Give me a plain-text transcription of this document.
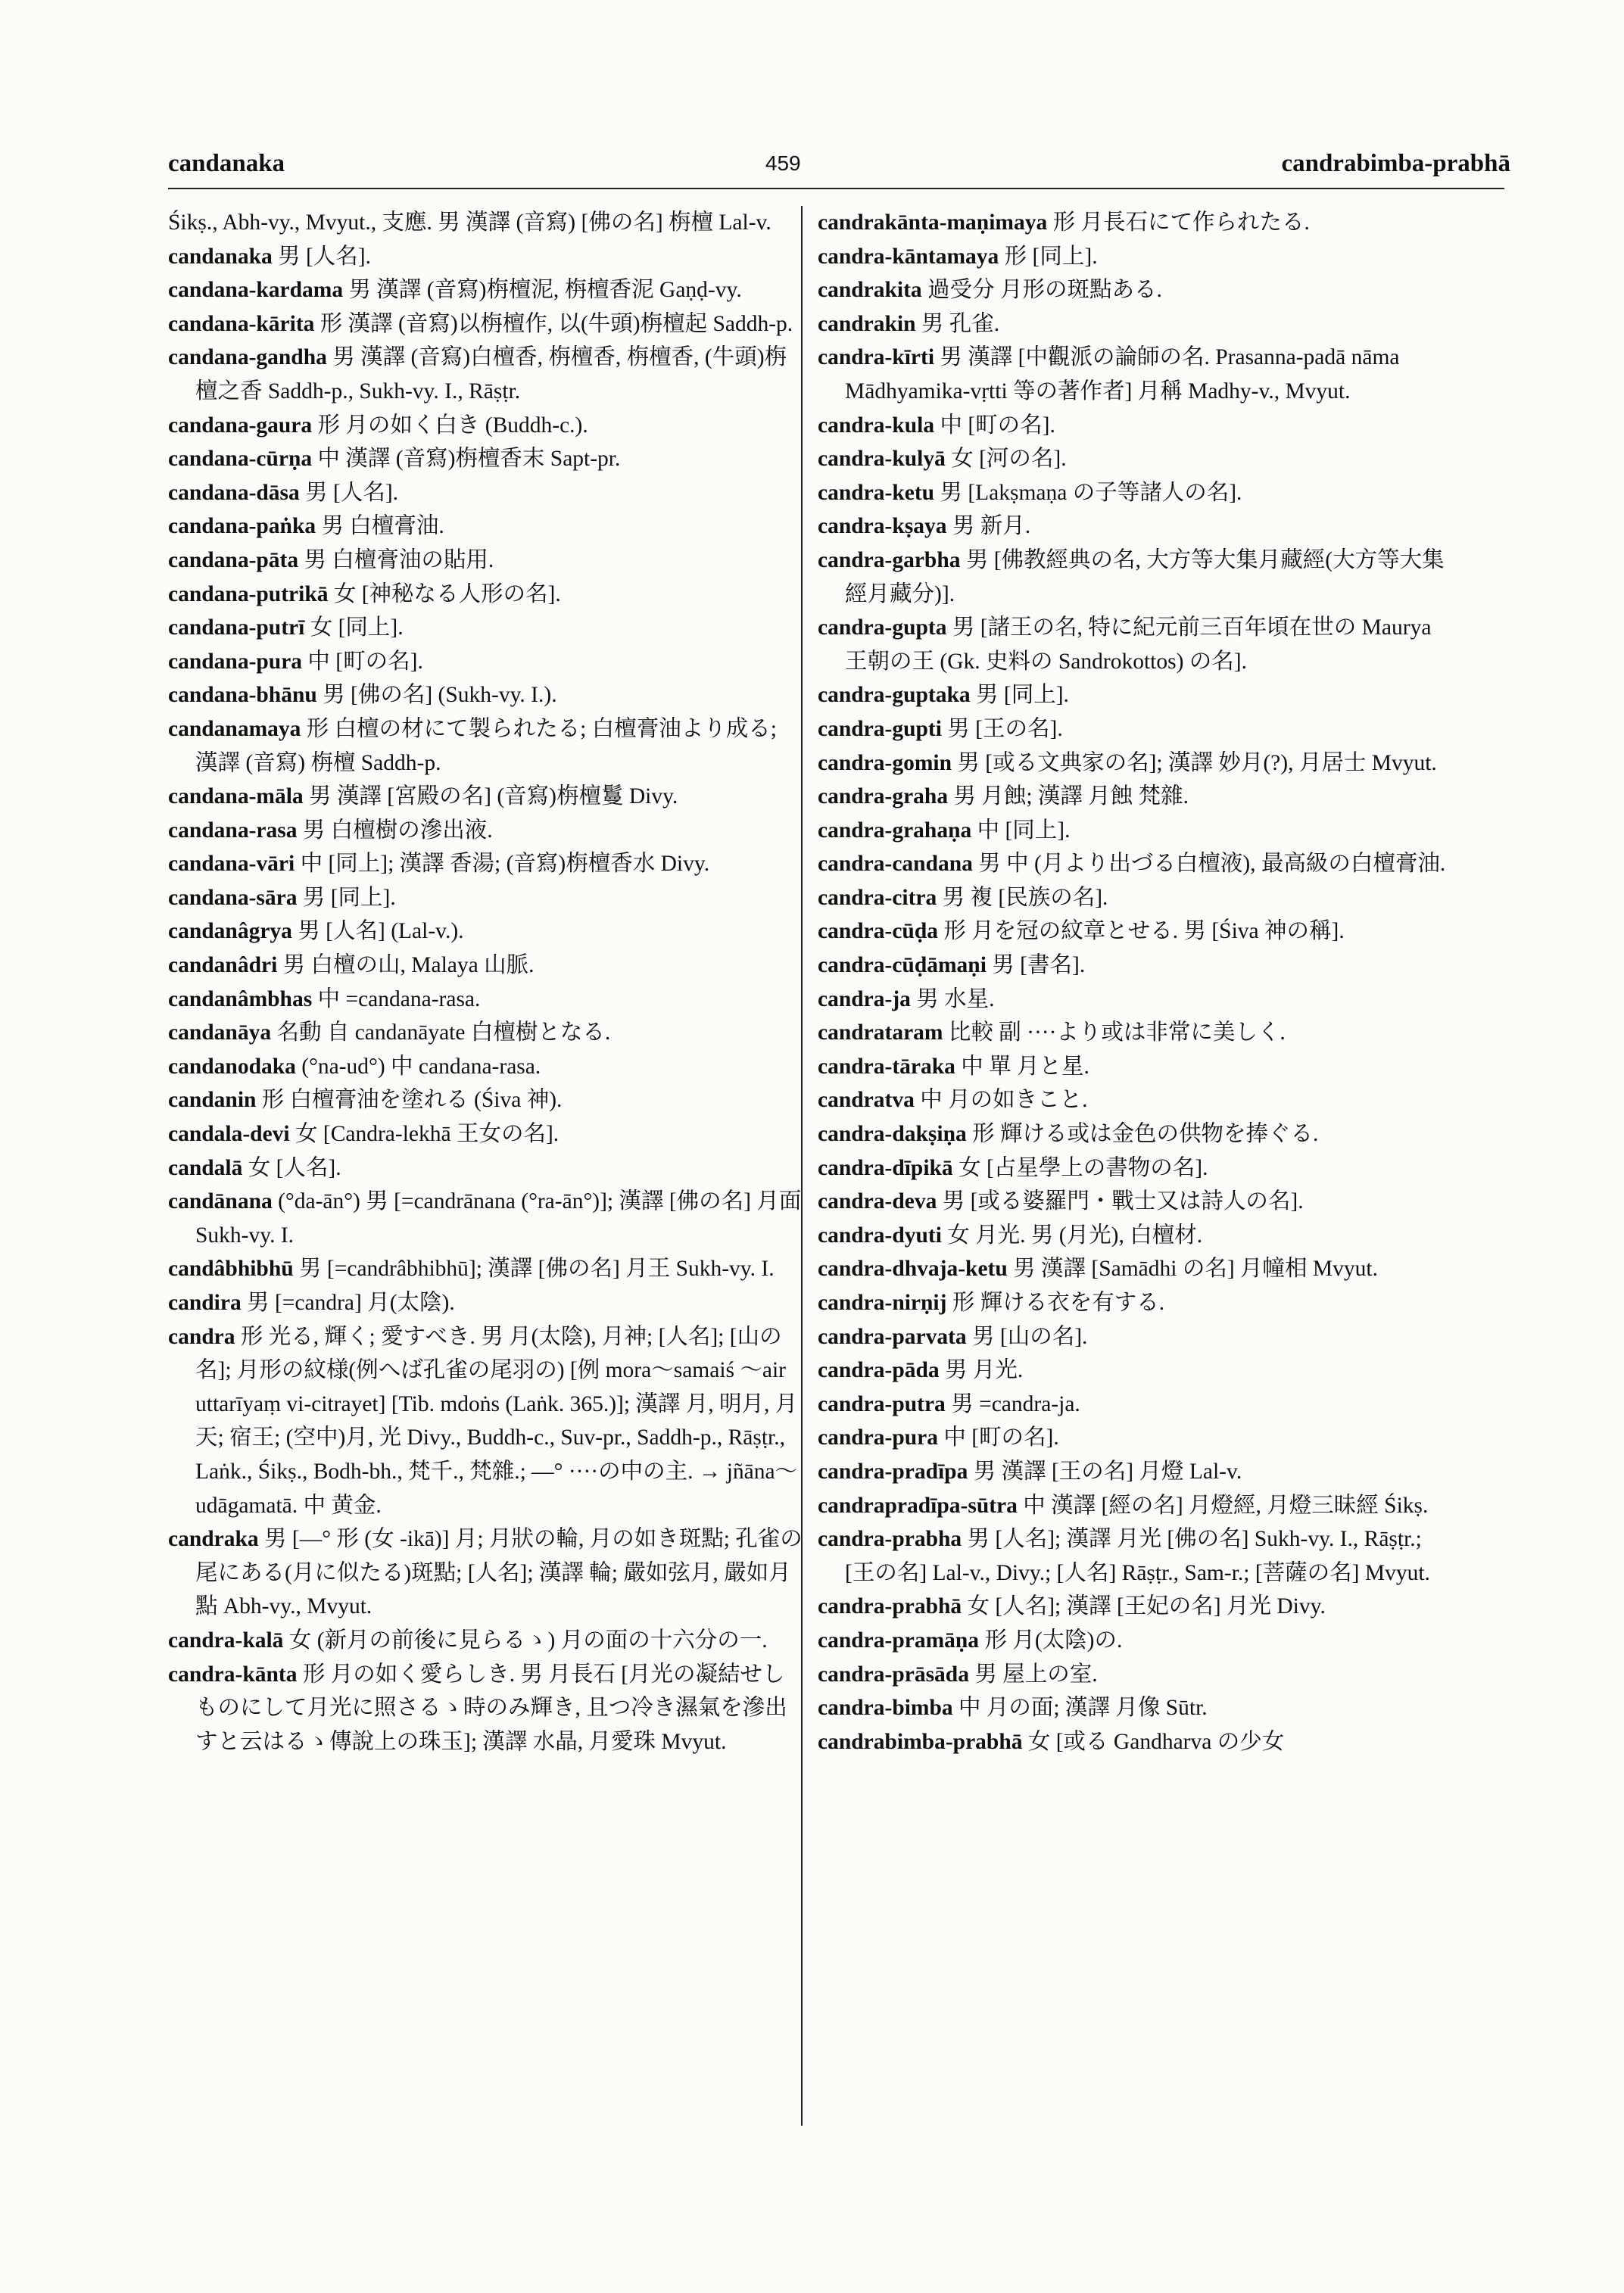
candanaka	459	candrabimba-prabhā

Śikṣ., Abh-vy., Mvyut., 支應. 男 漢譯 (音寫) [佛の名] 栴檀 Lal-v.

candanaka 男 [人名].

candana-kardama 男 漢譯 (音寫)栴檀泥, 栴檀香泥 Gaṇḍ-vy.

candana-kārita 形 漢譯 (音寫)以栴檀作, 以(牛頭)栴檀起 Saddh-p.

candana-gandha 男 漢譯 (音寫)白檀香, 栴檀香, 栴檀香, (牛頭)栴檀之香 Saddh-p., Sukh-vy. I., Rāṣṭr.

candana-gaura 形 月の如く白き (Buddh-c.).

candana-cūrṇa 中 漢譯 (音寫)栴檀香末 Sapt-pr.

candana-dāsa 男 [人名].

candana-paṅka 男 白檀膏油.

candana-pāta 男 白檀膏油の貼用.

candana-putrikā 女 [神秘なる人形の名].

candana-putrī 女 [同上].

candana-pura 中 [町の名].

candana-bhānu 男 [佛の名] (Sukh-vy. I.).

candanamaya 形 白檀の材にて製られたる; 白檀膏油より成る; 漢譯 (音寫) 栴檀 Saddh-p.

candana-māla 男 漢譯 [宮殿の名] (音寫)栴檀鬘 Divy.

candana-rasa 男 白檀樹の滲出液.

candana-vāri 中 [同上]; 漢譯 香湯; (音寫)栴檀香水 Divy.

candana-sāra 男 [同上].

candanâgrya 男 [人名] (Lal-v.).

candanâdri 男 白檀の山, Malaya 山脈.

candanâmbhas 中 =candana-rasa.

candanāya 名動 自 candanāyate 白檀樹となる.

candanodaka (°na-ud°) 中 candana-rasa.

candanin 形 白檀膏油を塗れる (Śiva 神).

candala-devi 女 [Candra-lekhā 王女の名].

candalā 女 [人名].

candānana (°da-ān°) 男 [=candrānana (°ra-ān°)]; 漢譯 [佛の名] 月面 Sukh-vy. I.

candâbhibhū 男 [=candrâbhibhū]; 漢譯 [佛の名] 月王 Sukh-vy. I.

candira 男 [=candra] 月(太陰).

candra 形 光る, 輝く; 愛すべき. 男 月(太陰), 月神; [人名]; [山の名]; 月形の紋様(例へば孔雀の尾羽の) [例 mora〜samaiś 〜air uttarīyaṃ vi-citrayet] [Tib. mdoṅs (Laṅk. 365.)]; 漢譯 月, 明月, 月天; 宿王; (空中)月, 光 Divy., Buddh-c., Suv-pr., Saddh-p., Rāṣṭr., Laṅk., Śikṣ., Bodh-bh., 梵千., 梵雜.; —° ····の中の主. → jñāna〜udāgamatā. 中 黄金.

candraka 男 [—° 形 (女 -ikā)] 月; 月狀の輪, 月の如き斑點; 孔雀の尾にある(月に似たる)斑點; [人名]; 漢譯 輪; 嚴如弦月, 嚴如月點 Abh-vy., Mvyut.

candra-kalā 女 (新月の前後に見らるゝ) 月の面の十六分の一.

candra-kānta 形 月の如く愛らしき. 男 月長石 [月光の凝結せしものにして月光に照さるゝ時のみ輝き, 且つ冷き濕氣を滲出すと云はるゝ傳說上の珠玉]; 漢譯 水晶, 月愛珠 Mvyut.

candrakānta-maṇimaya 形 月長石にて作られたる.

candra-kāntamaya 形 [同上].

candrakita 過受分 月形の斑點ある.

candrakin 男 孔雀.

candra-kīrti 男 漢譯 [中觀派の論師の名. Prasanna-padā nāma Mādhyamika-vṛtti 等の著作者] 月稱 Madhy-v., Mvyut.

candra-kula 中 [町の名].

candra-kulyā 女 [河の名].

candra-ketu 男 [Lakṣmaṇa の子等諸人の名].

candra-kṣaya 男 新月.

candra-garbha 男 [佛教經典の名, 大方等大集月藏經(大方等大集經月藏分)].

candra-gupta 男 [諸王の名, 特に紀元前三百年頃在世の Maurya 王朝の王 (Gk. 史料の Sandrokottos) の名].

candra-guptaka 男 [同上].

candra-gupti 男 [王の名].

candra-gomin 男 [或る文典家の名]; 漢譯 妙月(?), 月居士 Mvyut.

candra-graha 男 月蝕; 漢譯 月蝕 梵雜.

candra-grahaṇa 中 [同上].

candra-candana 男 中 (月より出づる白檀液), 最高級の白檀膏油.

candra-citra 男 複 [民族の名].

candra-cūḍa 形 月を冠の紋章とせる. 男 [Śiva 神の稱].

candra-cūḍāmaṇi 男 [書名].

candra-ja 男 水星.

candrataram 比較 副 ····より或は非常に美しく.

candra-tāraka 中 單 月と星.

candratva 中 月の如きこと.

candra-dakṣiṇa 形 輝ける或は金色の供物を捧ぐる.

candra-dīpikā 女 [占星學上の書物の名].

candra-deva 男 [或る婆羅門・戰士又は詩人の名].

candra-dyuti 女 月光. 男 (月光), 白檀材.

candra-dhvaja-ketu 男 漢譯 [Samādhi の名] 月幢相 Mvyut.

candra-nirṇij 形 輝ける衣を有する.

candra-parvata 男 [山の名].

candra-pāda 男 月光.

candra-putra 男 =candra-ja.

candra-pura 中 [町の名].

candra-pradīpa 男 漢譯 [王の名] 月燈 Lal-v.

candrapradīpa-sūtra 中 漢譯 [經の名] 月燈經, 月燈三昧經 Śikṣ.

candra-prabha 男 [人名]; 漢譯 月光 [佛の名] Sukh-vy. I., Rāṣṭr.; [王の名] Lal-v., Divy.; [人名] Rāṣṭr., Sam-r.; [菩薩の名] Mvyut.

candra-prabhā 女 [人名]; 漢譯 [王妃の名] 月光 Divy.

candra-pramāṇa 形 月(太陰)の.

candra-prāsāda 男 屋上の室.

candra-bimba 中 月の面; 漢譯 月像 Sūtr.

candrabimba-prabhā 女 [或る Gandharva の少女
